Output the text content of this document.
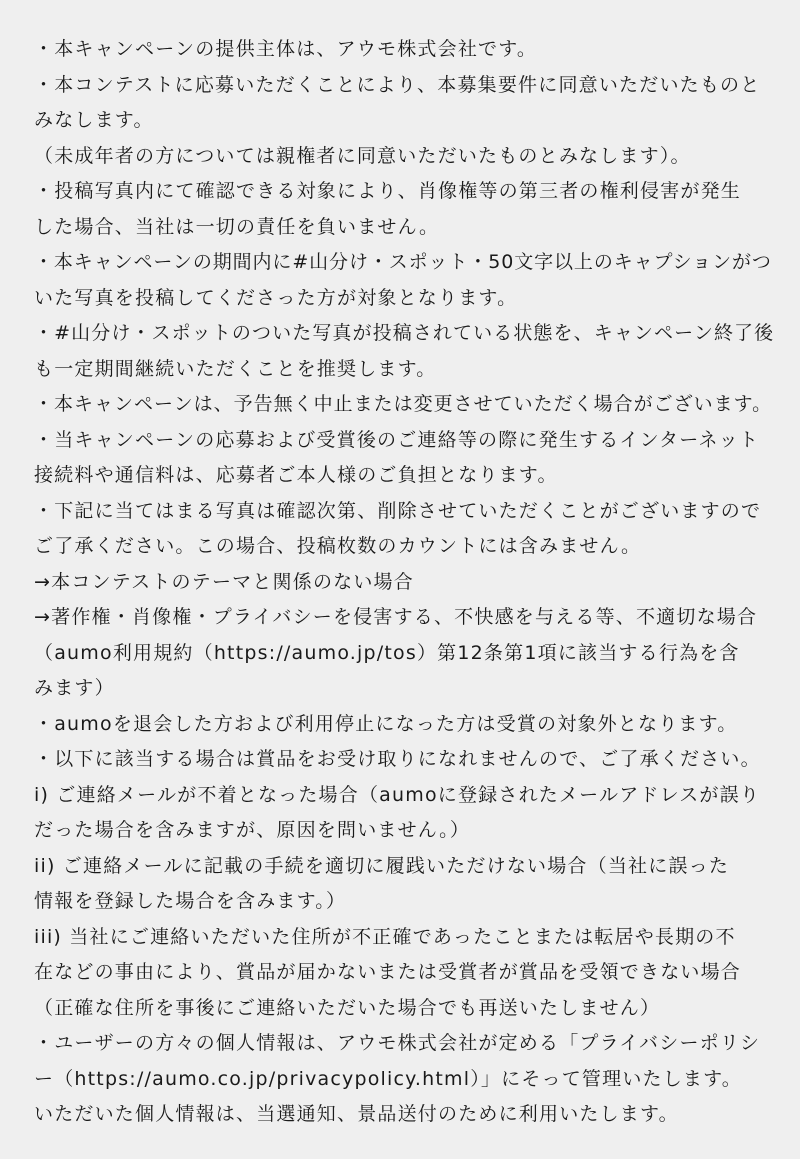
・本キャンペーンの提供主体は、アウモ株式会社です。
・本コンテストに応募いただくことにより、本募集要件に同意いただいたものと
みなします。
（未成年者の方については親権者に同意いただいたものとみなします）。
・投稿写真内にて確認できる対象により、肖像権等の第三者の権利侵害が発生
した場合、当社は一切の責任を負いません。
・本キャンペーンの期間内に#山分け・スポット・50文字以上のキャプションがつ
いた写真を投稿してくださった方が対象となります。
・#山分け・スポットのついた写真が投稿されている状態を、キャンペーン終了後
も一定期間継続いただくことを推奨します。
・本キャンペーンは、予告無く中止または変更させていただく場合がございます。
・当キャンペーンの応募および受賞後のご連絡等の際に発生するインターネット
接続料や通信料は、応募者ご本人様のご負担となります。
・下記に当てはまる写真は確認次第、削除させていただくことがございますので
ご了承ください。この場合、投稿枚数のカウントには含みません。
→本コンテストのテーマと関係のない場合
→著作権・肖像権・プライバシーを侵害する、不快感を与える等、不適切な場合
（aumo利用規約（https://aumo.jp/tos）第12条第1項に該当する行為を含
みます）
・aumoを退会した方および利用停止になった方は受賞の対象外となります。
・以下に該当する場合は賞品をお受け取りになれませんので、ご了承ください。
i) ご連絡メールが不着となった場合（aumoに登録されたメールアドレスが誤り
だった場合を含みますが、原因を問いません。）
ii) ご連絡メールに記載の手続を適切に履践いただけない場合（当社に誤った
情報を登録した場合を含みます。）
iii) 当社にご連絡いただいた住所が不正確であったことまたは転居や長期の不
在などの事由により、賞品が届かないまたは受賞者が賞品を受領できない場合
（正確な住所を事後にご連絡いただいた場合でも再送いたしません）
・ユーザーの方々の個人情報は、アウモ株式会社が定める「プライバシーポリシ
ー（https://aumo.co.jp/privacypolicy.html）」にそって管理いたします。
いただいた個人情報は、当選通知、景品送付のために利用いたします。
